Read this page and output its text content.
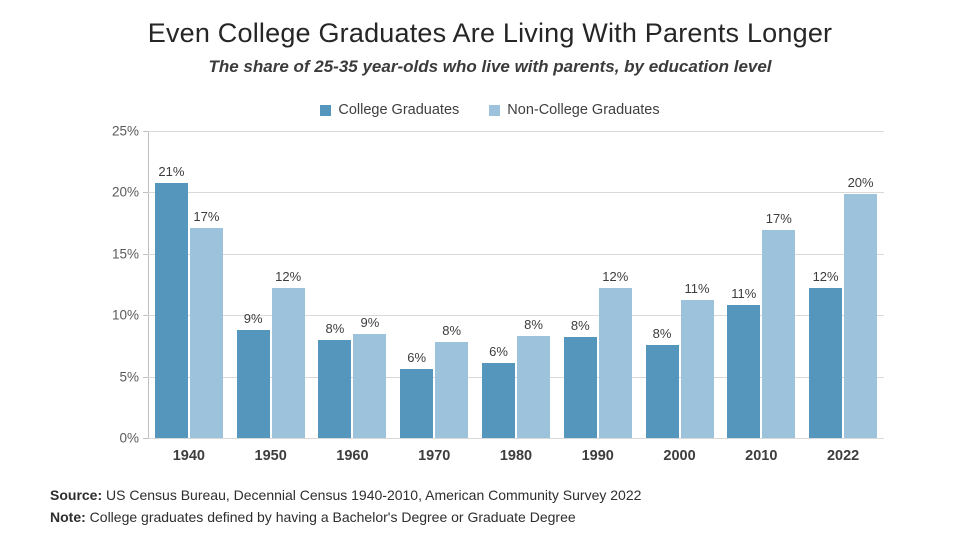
Even College Graduates Are Living With Parents Longer
The share of 25-35 year-olds who live with parents, by education level
College Graduates	Non-College Graduates
0%
5%
10%
15%
20%
25%
21%
17%
1940
9%
12%
1950
8% 9%
1960
6%
8%
1970
6%
8%
1980
8%
12%
1990
8%
11%
2000
11%
17%
2010
12%
20%
2022
Source: US Census Bureau, Decennial Census 1940-2010, American Community Survey 2022
Note: College graduates defined by having a Bachelor's Degree or Graduate Degree
